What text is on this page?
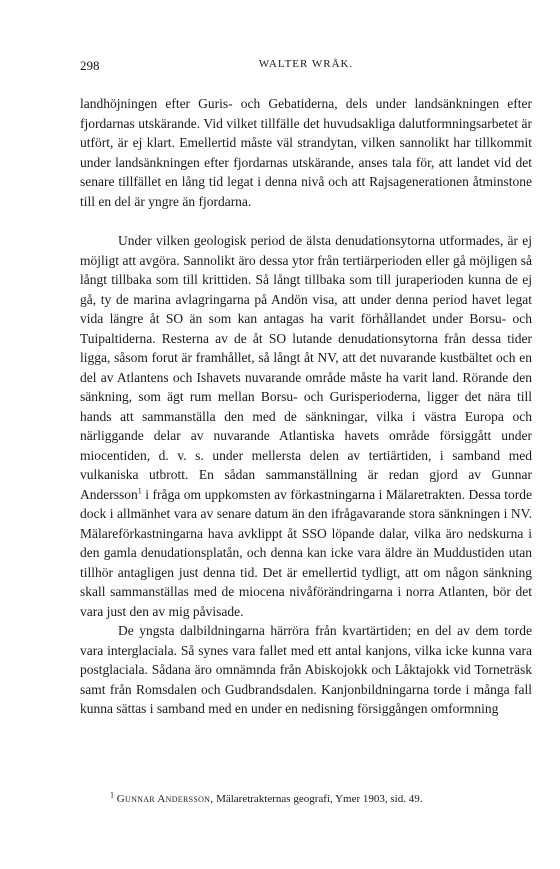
298	WALTER WRÅK.

landhöjningen efter Guris- och Gebatiderna, dels under landsänkningen efter fjordarnas utskärande. Vid vilket tillfälle det huvudsakliga dalutformningsarbetet är utfört, är ej klart. Emellertid måste väl strandytan, vilken sannolikt har tillkommit under landsänkningen efter fjordarnas utskärande, anses tala för, att landet vid det senare tillfället en lång tid legat i denna nivå och att Rajsagenerationen åtminstone till en del är yngre än fjordarna.

Under vilken geologisk period de älsta denudationsytorna utformades, är ej möjligt att avgöra. Sannolikt äro dessa ytor från tertiärperioden eller gå möjligen så långt tillbaka som till krittiden. Så långt tillbaka som till juraperioden kunna de ej gå, ty de marina avlagringarna på Andön visa, att under denna period havet legat vida längre åt SO än som kan antagas ha varit förhållandet under Borsu- och Tuipaltiderna. Resterna av de åt SO lutande denudationsytorna från dessa tider ligga, såsom forut är framhållet, så långt åt NV, att det nuvarande kustbältet och en del av Atlantens och Ishavets nuvarande område måste ha varit land. Rörande den sänkning, som ägt rum mellan Borsu- och Gurisperioderna, ligger det nära till hands att sammanställa den med de sänkningar, vilka i västra Europa och närliggande delar av nuvarande Atlantiska havets område försiggått under miocentiden, d. v. s. under mellersta delen av tertiärtiden, i samband med vulkaniska utbrott. En sådan sammanställning är redan gjord av Gunnar Andersson$^1$ i fråga om uppkomsten av förkastningarna i Mälaretrakten. Dessa torde dock i allmänhet vara av senare datum än den ifrågavarande stora sänkningen i NV. Mälareförkastningarna hava avklippt åt SSO löpande dalar, vilka äro nedskurna i den gamla denudationsplatån, och denna kan icke vara äldre än Muddustiden utan tillhör antagligen just denna tid. Det är emellertid tydligt, att om någon sänkning skall sammanställas med de miocena nivåförändringarna i norra Atlanten, bör det vara just den av mig påvisade.

De yngsta dalbildningarna härröra från kvartärtiden; en del av dem torde vara interglaciala. Så synes vara fallet med ett antal kanjons, vilka icke kunna vara postglaciala. Sådana äro omnämnda från Abiskojokk och Låktajokk vid Torneträsk samt från Romsdalen och Gudbrandsdalen. Kanjonbildningarna torde i många fall kunna sättas i samband med en under en nedisning försiggången omformning

$^1$ Gunnar Andersson, Mälaretrakternas geografi, Ymer 1903, sid. 49.
